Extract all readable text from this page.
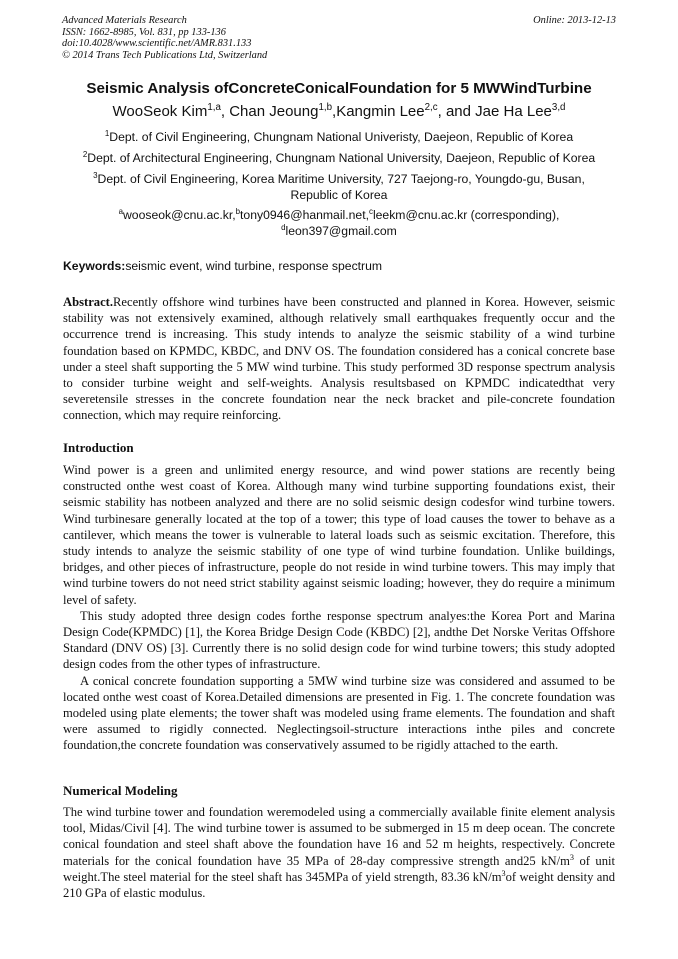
Advanced Materials Research
ISSN: 1662-8985, Vol. 831, pp 133-136
doi:10.4028/www.scientific.net/AMR.831.133
© 2014 Trans Tech Publications Ltd, Switzerland
Online: 2013-12-13
Seismic Analysis ofConcreteConicalFoundation for 5 MWWindTurbine
WooSeok Kim$^{1,a}$, Chan Jeoung$^{1,b}$,Kangmin Lee$^{2,c}$, and Jae Ha Lee$^{3,d}$
$^1$Dept. of Civil Engineering, Chungnam National Univeristy, Daejeon, Republic of Korea
$^2$Dept. of Architectural Engineering, Chungnam National University, Daejeon, Republic of Korea
$^3$Dept. of Civil Engineering, Korea Maritime University, 727 Taejong-ro, Youngdo-gu, Busan, Republic of Korea
$^a$wooseok@cnu.ac.kr,$^b$tony0946@hanmail.net,$^c$leekm@cnu.ac.kr (corresponding),
$^d$leon397@gmail.com
Keywords:seismic event, wind turbine, response spectrum
Abstract.Recently offshore wind turbines have been constructed and planned in Korea. However, seismic stability was not extensively examined, although relatively small earthquakes frequently occur and the occurrence trend is increasing. This study intends to analyze the seismic stability of a wind turbine foundation based on KPMDC, KBDC, and DNV OS. The foundation considered has a conical concrete base under a steel shaft supporting the 5 MW wind turbine. This study performed 3D response spectrum analysis to consider turbine weight and self-weights. Analysis resultsbased on KPMDC indicatedthat very severetensile stresses in the concrete foundation near the neck bracket and pile-concrete foundation connection, which may require reinforcing.
Introduction

Wind power is a green and unlimited energy resource, and wind power stations are recently being constructed onthe west coast of Korea. Although many wind turbine supporting foundations exist, their seismic stability has notbeen analyzed and there are no solid seismic design codesfor wind turbine towers. Wind turbinesare generally located at the top of a tower; this type of load causes the tower to behave as a cantilever, which means the tower is vulnerable to lateral loads such as seismic excitation. Therefore, this study intends to analyze the seismic stability of one type of wind turbine foundation. Unlike buildings, bridges, and other pieces of infrastructure, people do not reside in wind turbine towers. This may imply that wind turbine towers do not need strict stability against seismic loading; however, they do require a minimum level of safety.

This study adopted three design codes forthe response spectrum analyes:the Korea Port and Marina Design Code(KPMDC) [1], the Korea Bridge Design Code (KBDC) [2], andthe Det Norske Veritas Offshore Standard (DNV OS) [3]. Currently there is no solid design code for wind turbine towers; this study adopted design codes from the other types of infrastructure.

A conical concrete foundation supporting a 5MW wind turbine size was considered and assumed to be located onthe west coast of Korea.Detailed dimensions are presented in Fig. 1. The concrete foundation was modeled using plate elements; the tower shaft was modeled using frame elements. The foundation and shaft were assumed to rigidly connected. Neglectingsoil-structure interactions inthe piles and concrete foundation,the concrete foundation was conservatively assumed to be rigidly attached to the earth.

Numerical Modeling
The wind turbine tower and foundation weremodeled using a commercially available finite element analysis tool, Midas/Civil [4]. The wind turbine tower is assumed to be submerged in 15 m deep ocean. The concrete conical foundation and steel shaft above the foundation have 16 and 52 m heights, respectively. Concrete materials for the conical foundation have 35 MPa of 28-day compressive strength and25 $kN/m^3$ of unit weight.The steel material for the steel shaft has 345MPa of yield strength, 83.36 $kN/m^3of$ weight density and 210 GPa of elastic modulus.
